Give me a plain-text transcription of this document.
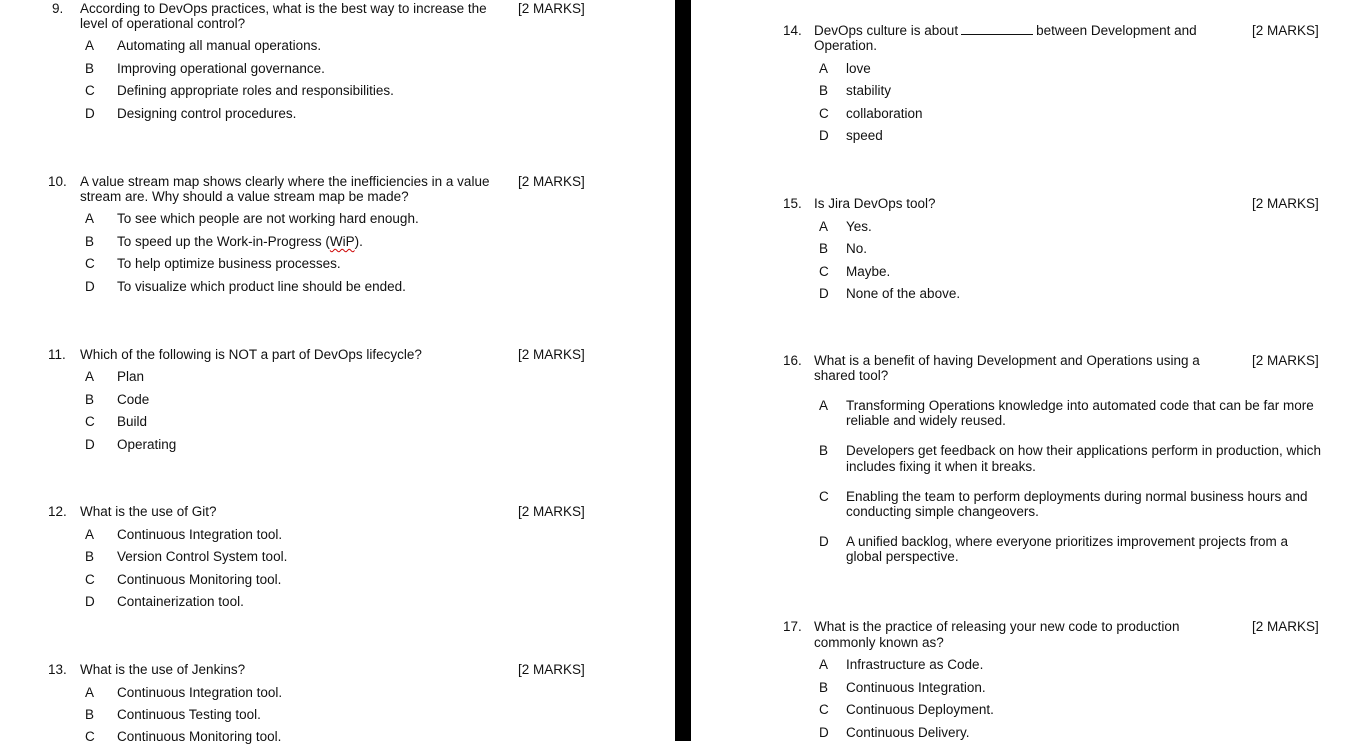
9. According to DevOps practices, what is the best way to increase the
level of operational control?
[2 MARKS]
A Automating all manual operations.
B Improving operational governance.
C Defining appropriate roles and responsibilities.
D Designing control procedures.
10. A value stream map shows clearly where the inefficiencies in a value
stream are. Why should a value stream map be made?
[2 MARKS]
A To see which people are not working hard enough.
B To speed up the Work-in-Progress (WiP).
C To help optimize business processes.
D To visualize which product line should be ended.
11. Which of the following is NOT a part of DevOps lifecycle?	[2 MARKS]
A Plan
B Code
C Build
D Operating
12. What is the use of Git?	[2 MARKS]
A Continuous Integration tool.
B Version Control System tool.
C Continuous Monitoring tool.
D Containerization tool.
13. What is the use of Jenkins?	[2 MARKS]
A Continuous Integration tool.
B Continuous Testing tool.
C Continuous Monitoring tool.
14. DevOps culture is about	between Development and
Operation.
[2 MARKS]
A love
B stability
C collaboration
D speed
15. Is Jira DevOps tool?	[2 MARKS]
A Yes.
B No.
C Maybe.
D None of the above.
16. What is a benefit of having Development and Operations using a
shared tool?
[2 MARKS]
A Transforming Operations knowledge into automated code that can be far more
reliable and widely reused.
B Developers get feedback on how their applications perform in production, which
includes fixing it when it breaks.
C Enabling the team to perform deployments during normal business hours and
conducting simple changeovers.
D A unified backlog, where everyone prioritizes improvement projects from a
global perspective.
17. What is the practice of releasing your new code to production
commonly known as?
[2 MARKS]
A Infrastructure as Code.
B Continuous Integration.
C Continuous Deployment.
D Continuous Delivery.
